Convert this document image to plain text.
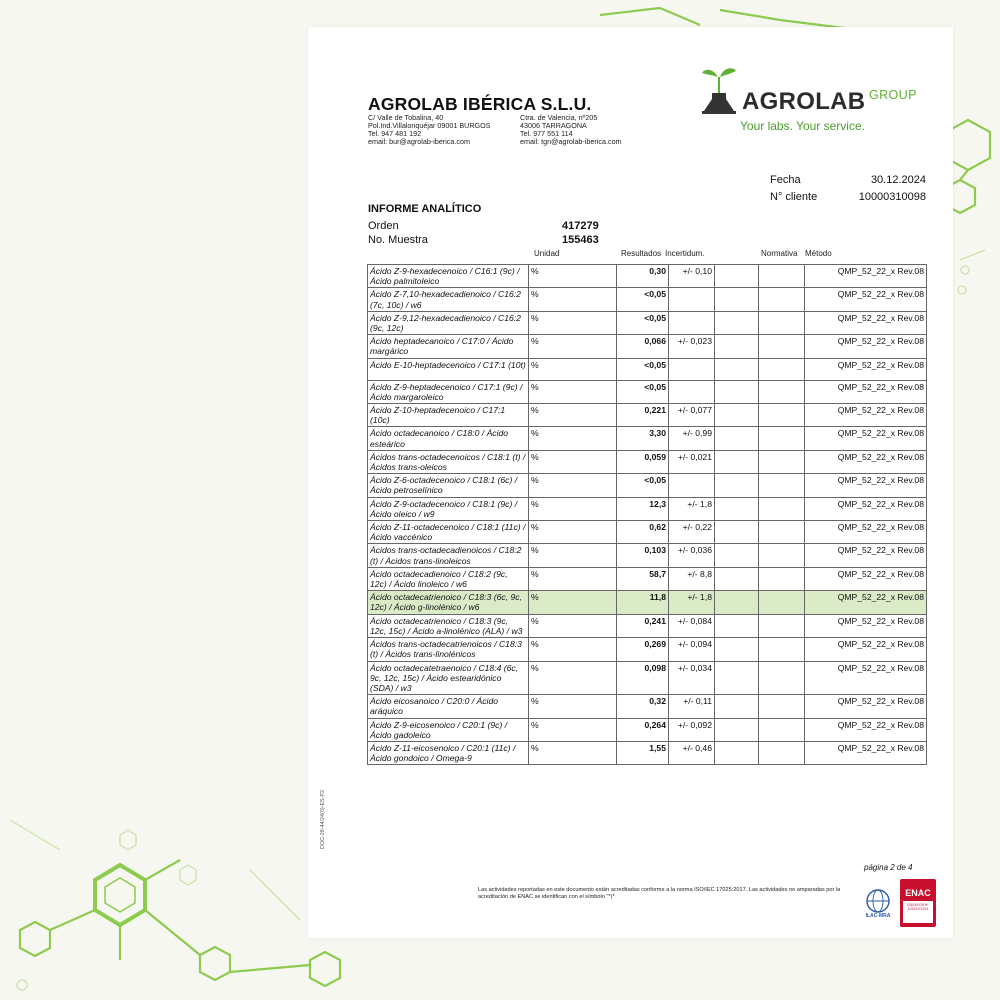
AGROLAB IBÉRICA S.L.U.
C/ Valle de Tobalina, 40
Pol.Ind.Villalonquéjar 09001 BURGOS
Tel. 947 481 192
email: bur@agrolab-iberica.com
Ctra. de Valencia, nº205
43006 TARRAGONA
Tel. 977 551 114
email: tgn@agrolab-iberica.com
AGROLAB GROUP
Your labs. Your service.
Fecha	30.12.2024
N° cliente	10000310098
INFORME ANALÍTICO
Orden	417279
No. Muestra	155463
Unidad	Resultados Incertidum.	Normativa Método
Ácido Z-9-hexadecenoico / C16:1 (9c) / Ácido palmitoleico	%	0,30	+/- 0,10			QMP_52_22_x Rev.08
Ácido Z-7,10-hexadecadienoico / C16:2 (7c, 10c) / w6	%	<0,05				QMP_52_22_x Rev.08
Ácido Z-9,12-hexadecadienoico / C16:2 (9c, 12c)	%	<0,05				QMP_52_22_x Rev.08
Ácido heptadecanoico / C17:0 / Ácido margárico	%	0,066	+/- 0,023			QMP_52_22_x Rev.08
Ácido E-10-heptadecenoico / C17:1 (10t)	%	<0,05				QMP_52_22_x Rev.08
Ácido Z-9-heptadecenoico / C17:1 (9c) / Ácido margaroleico	%	<0,05				QMP_52_22_x Rev.08
Ácido Z-10-heptadecenoico / C17:1 (10c)	%	0,221	+/- 0,077			QMP_52_22_x Rev.08
Ácido octadecanoico / C18:0 / Ácido esteárico	%	3,30	+/- 0,99			QMP_52_22_x Rev.08
Ácidos trans-octadecenoicos / C18:1 (t) / Ácidos trans-oleicos	%	0,059	+/- 0,021			QMP_52_22_x Rev.08
Ácido Z-6-octadecenoico / C18:1 (6c) / Ácido petroselínico	%	<0,05				QMP_52_22_x Rev.08
Ácido Z-9-octadecenoico / C18:1 (9c) / Ácido oleico / w9	%	12,3	+/- 1,8			QMP_52_22_x Rev.08
Ácido Z-11-octadecenoico / C18:1 (11c) / Ácido vaccénico	%	0,62	+/- 0,22			QMP_52_22_x Rev.08
Ácidos trans-octadecadienoicos / C18:2 (t) / Ácidos trans-linoleicos	%	0,103	+/- 0,036			QMP_52_22_x Rev.08
Ácido octadecadienoico / C18:2 (9c, 12c) / Ácido linoleico / w6	%	58,7	+/- 8,8			QMP_52_22_x Rev.08
Ácido octadecatrienoico / C18:3 (6c, 9c, 12c) / Ácido g-linolénico / w6	%	11,8	+/- 1,8			QMP_52_22_x Rev.08
Ácido octadecatrienoico / C18:3 (9c, 12c, 15c) / Ácido a-linolénico (ALA) / w3	%	0,241	+/- 0,084			QMP_52_22_x Rev.08
Ácidos trans-octadecatrienoicos / C18:3 (t) / Ácidos trans-linolénicos	%	0,269	+/- 0,094			QMP_52_22_x Rev.08
Ácido octadecatetraenoico / C18:4 (6c, 9c, 12c, 15c) / Ácido estearidónico (SDA) / w3	%	0,098	+/- 0,034			QMP_52_22_x Rev.08
Ácido eicosanoico / C20:0 / Ácido aráquico	%	0,32	+/- 0,11			QMP_52_22_x Rev.08
Ácido Z-9-eicosenoico / C20:1 (9c) / Ácido gadoleico	%	0,264	+/- 0,092			QMP_52_22_x Rev.08
Ácido Z-11-eicosenoico / C20:1 (11c) / Ácido gondoico / Omega-9	%	1,55	+/- 0,46			QMP_52_22_x Rev.08
página 2 de 4
Las actividades reportadas en este documento están acreditadas conforme a la norma ISO/IEC 17025:2017. Las actividades no amparadas por la acreditación de ENAC se identifican con el símbolo "*)*
DOC-28-44/24(0)-ES-P2
ILAC-MRA
ENAC
ENSAYOS Nº 1031/LE2214
